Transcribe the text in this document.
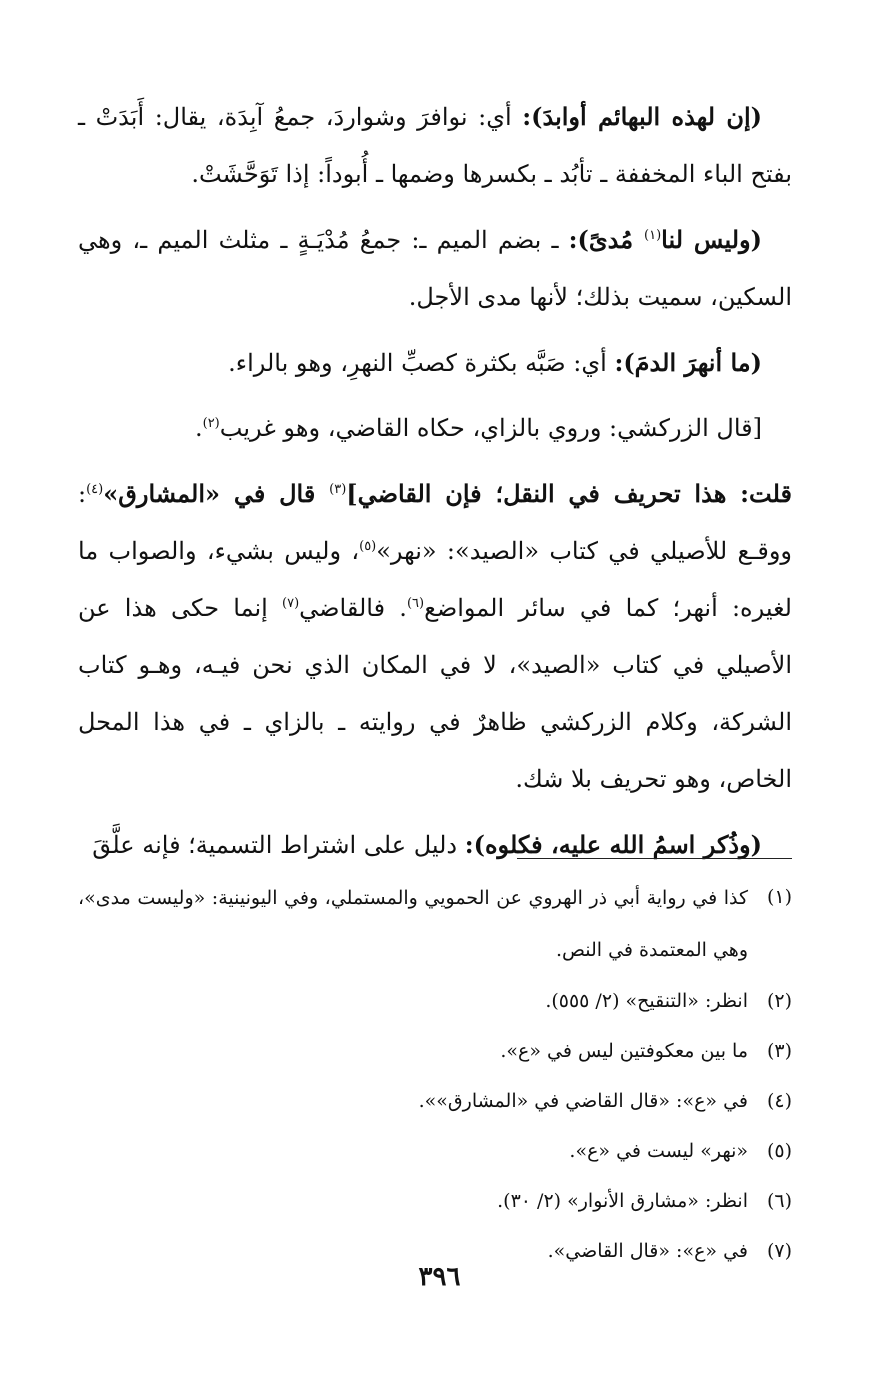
(إن لهذه البهائم أوابدَ): أي: نوافرَ وشواردَ، جمعُ آبِدَة، يقال: أَبَدَتْ ـ بفتح الباء المخففة ـ تأبُد ـ بكسرها وضمها ـ أُبوداً: إذا تَوَحَّشَتْ.

(وليس لنا$^{(١)}$ مُدىً): ـ بضم الميم ـ: جمعُ مُدْيَـةٍ ـ مثلث الميم ـ، وهي السكين، سميت بذلك؛ لأنها مدى الأجل.

(ما أنهرَ الدمَ): أي: صَبَّه بكثرة كصبِّ النهرِ، وهو بالراء.

[قال الزركشي: وروي بالزاي، حكاه القاضي، وهو غريب$^{(٢)}$.

قلت: هذا تحريف في النقل؛ فإن القاضي]$^{(٣)}$ قال في «المشارق»$^{(٤)}$: ووقـع للأصيلي في كتاب «الصيد»: «نهر»$^{(٥)}$، وليس بشيء، والصواب ما لغيره: أنهر؛ كما في سائر المواضع$^{(٦)}$. فالقاضي$^{(٧)}$ إنما حكى هذا عن الأصيلي في كتاب «الصيد»، لا في المكان الذي نحن فيـه، وهـو كتاب الشركة، وكلام الزركشي ظاهرٌ في روايته ـ بالزاي ـ في هذا المحل الخاص، وهو تحريف بلا شك.

(وذُكر اسمُ الله عليه، فكلوه): دليل على اشتراط التسمية؛ فإنه علَّقَ

(١)
كذا في رواية أبي ذر الهروي عن الحمويي والمستملي، وفي اليونينية: «وليست مدى»، وهي المعتمدة في النص.
(٢)
انظر: «التنقيح» (٢/ ٥٥٥).
(٣)
ما بين معكوفتين ليس في «ع».
(٤)
في «ع»: «قال القاضي في «المشارق»».
(٥)
«نهر» ليست في «ع».
(٦)
انظر: «مشارق الأنوار» (٢/ ٣٠).
(٧)
في «ع»: «قال القاضي».
٣٩٦
